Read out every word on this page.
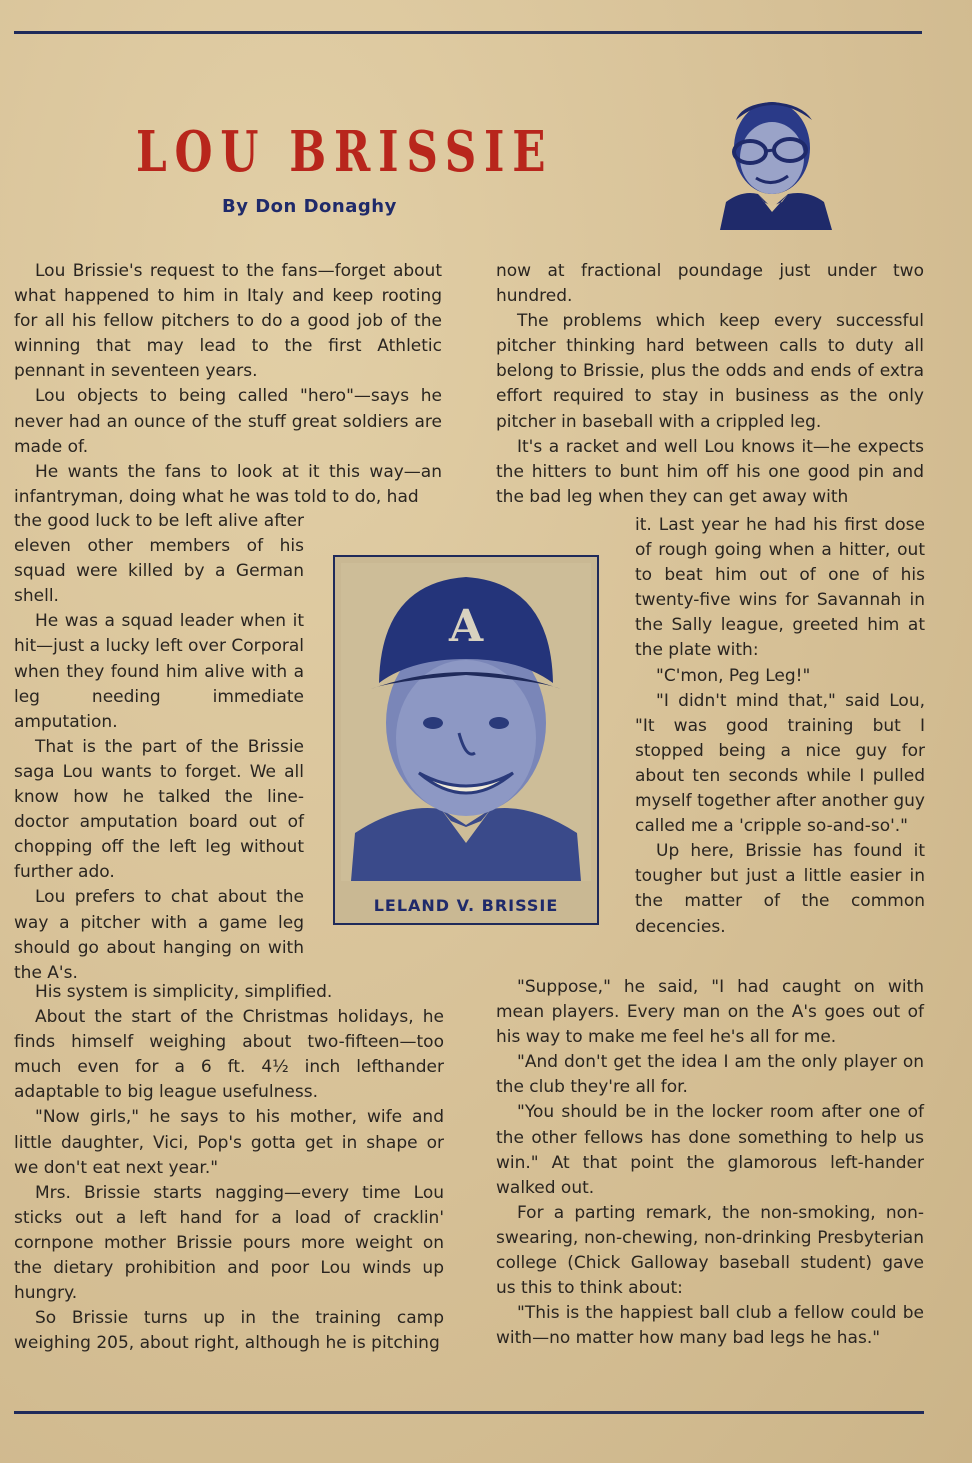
LOU BRISSIE
By Don Donaghy

Lou Brissie's request to the fans—forget about what happened to him in Italy and keep rooting for all his fellow pitchers to do a good job of the winning that may lead to the first Athletic pennant in seventeen years.

Lou objects to being called "hero"—says he never had an ounce of the stuff great soldiers are made of.

He wants the fans to look at it this way—an infantryman, doing what he was told to do, had

the good luck to be left alive after eleven other members of his squad were killed by a German shell.

He was a squad leader when it hit—just a lucky left over Corporal when they found him alive with a leg needing immediate amputation.

That is the part of the Brissie saga Lou wants to forget. We all know how he talked the line-doctor amputation board out of chopping off the left leg without further ado.

Lou prefers to chat about the way a pitcher with a game leg should go about hanging on with the A's.

A
LELAND V. BRISSIE

His system is simplicity, simplified.

About the start of the Christmas holidays, he finds himself weighing about two-fifteen—too much even for a 6 ft. 4½ inch lefthander adaptable to big league usefulness.

"Now girls," he says to his mother, wife and little daughter, Vici, Pop's gotta get in shape or we don't eat next year."

Mrs. Brissie starts nagging—every time Lou sticks out a left hand for a load of cracklin' cornpone mother Brissie pours more weight on the dietary prohibition and poor Lou winds up hungry.

So Brissie turns up in the training camp weighing 205, about right, although he is pitching

now at fractional poundage just under two hundred.

The problems which keep every successful pitcher thinking hard between calls to duty all belong to Brissie, plus the odds and ends of extra effort required to stay in business as the only pitcher in baseball with a crippled leg.

It's a racket and well Lou knows it—he expects the hitters to bunt him off his one good pin and the bad leg when they can get away with

it. Last year he had his first dose of rough going when a hitter, out to beat him out of one of his twenty-five wins for Savannah in the Sally league, greeted him at the plate with:

"C'mon, Peg Leg!"

"I didn't mind that," said Lou, "It was good training but I stopped being a nice guy for about ten seconds while I pulled myself together after another guy called me a 'cripple so-and-so'."

Up here, Brissie has found it tougher but just a little easier in the matter of the common decencies.

"Suppose," he said, "I had caught on with mean players. Every man on the A's goes out of his way to make me feel he's all for me.

"And don't get the idea I am the only player on the club they're all for.

"You should be in the locker room after one of the other fellows has done something to help us win." At that point the glamorous left-hander walked out.

For a parting remark, the non-smoking, non-swearing, non-chewing, non-drinking Presbyterian college (Chick Galloway baseball student) gave us this to think about:

"This is the happiest ball club a fellow could be with—no matter how many bad legs he has."
